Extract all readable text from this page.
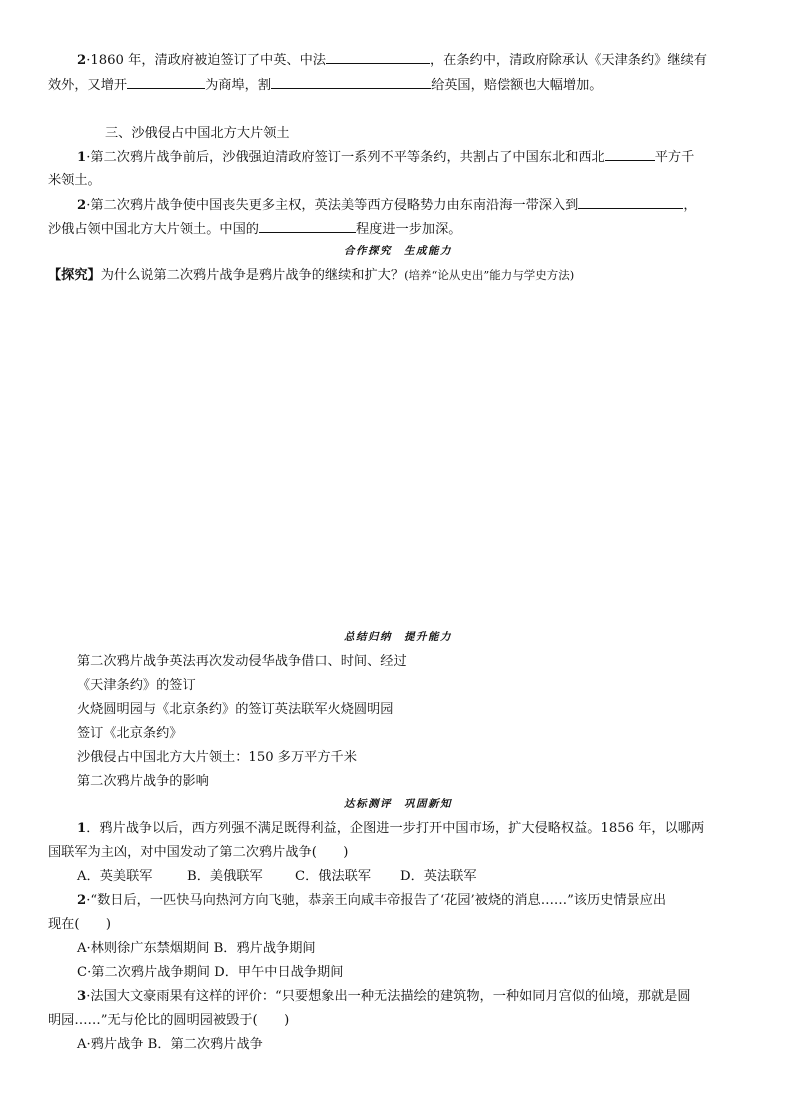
2·1860 年，清政府被迫签订了中英、中法	，在条约中，清政府除承认《天津条约》继续有
效外，又增开	为商埠，割	给英国，赔偿额也大幅增加。
三、沙俄侵占中国北方大片领土
1·第二次鸦片战争前后，沙俄强迫清政府签订一系列不平等条约，共割占了中国东北和西北	平方千
米领土。
2·第二次鸦片战争使中国丧失更多主权，英法美等西方侵略势力由东南沿海一带深入到	，
沙俄占领中国北方大片领土。中国的	程度进一步加深。
合作探究　生成能力
【探究】为什么说第二次鸦片战争是鸦片战争的继续和扩大？(培养“论从史出”能力与学史方法)
总结归纳　提升能力
第二次鸦片战争英法再次发动侵华战争借口、时间、经过
《天津条约》的签订
火烧圆明园与《北京条约》的签订英法联军火烧圆明园
签订《北京条约》
沙俄侵占中国北方大片领土：150 多万平方千米
第二次鸦片战争的影响
达标测评　巩固新知
1．鸦片战争以后，西方列强不满足既得利益，企图进一步打开中国市场，扩大侵略权益。1856 年，以哪两
国联军为主凶，对中国发动了第二次鸦片战争(　　)
A．英美联军	B．美俄联军 C．俄法联军 D．英法联军
2·“数日后，一匹快马向热河方向飞驰，恭亲王向咸丰帝报告了‘花园’被烧的消息……”该历史情景应出
现在(　　)
A·林则徐广东禁烟期间 B．鸦片战争期间
C·第二次鸦片战争期间 D．甲午中日战争期间
3·法国大文豪雨果有这样的评价：“只要想象出一种无法描绘的建筑物，一种如同月宫似的仙境，那就是圆
明园……”无与伦比的圆明园被毁于(　　)
A·鸦片战争 B．第二次鸦片战争
